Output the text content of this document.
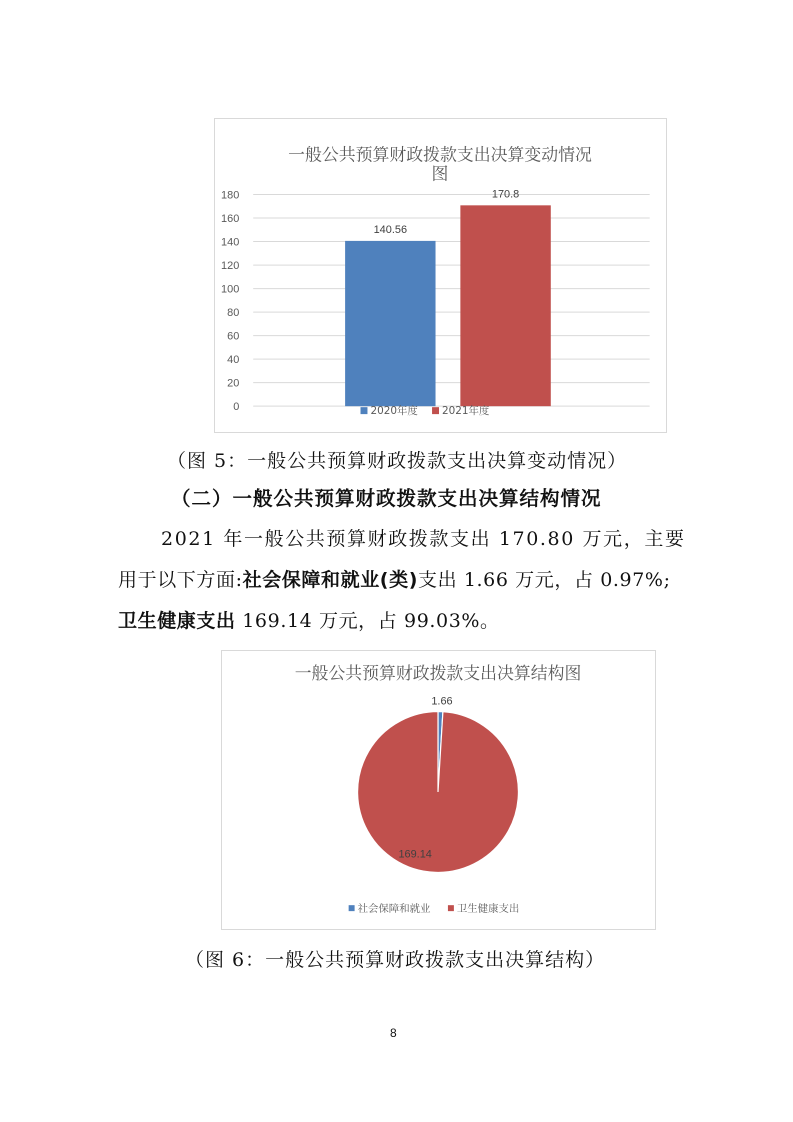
一般公共预算财政拨款支出决算变动情况
图
0
20
40
60
80
100
120
140
160
180
140.56
170.8
2020年度 2021年度
（图 5：一般公共预算财政拨款支出决算变动情况）
（二）一般公共预算财政拨款支出决算结构情况
2021 年一般公共预算财政拨款支出 170.80 万元，主要
用于以下方面:社会保障和就业(类)支出 1.66 万元，占 0.97%;
卫生健康支出 169.14 万元，占 99.03%。
一般公共预算财政拨款支出决算结构图
1.66
169.14
社会保障和就业	卫生健康支出
（图 6：一般公共预算财政拨款支出决算结构）
8
